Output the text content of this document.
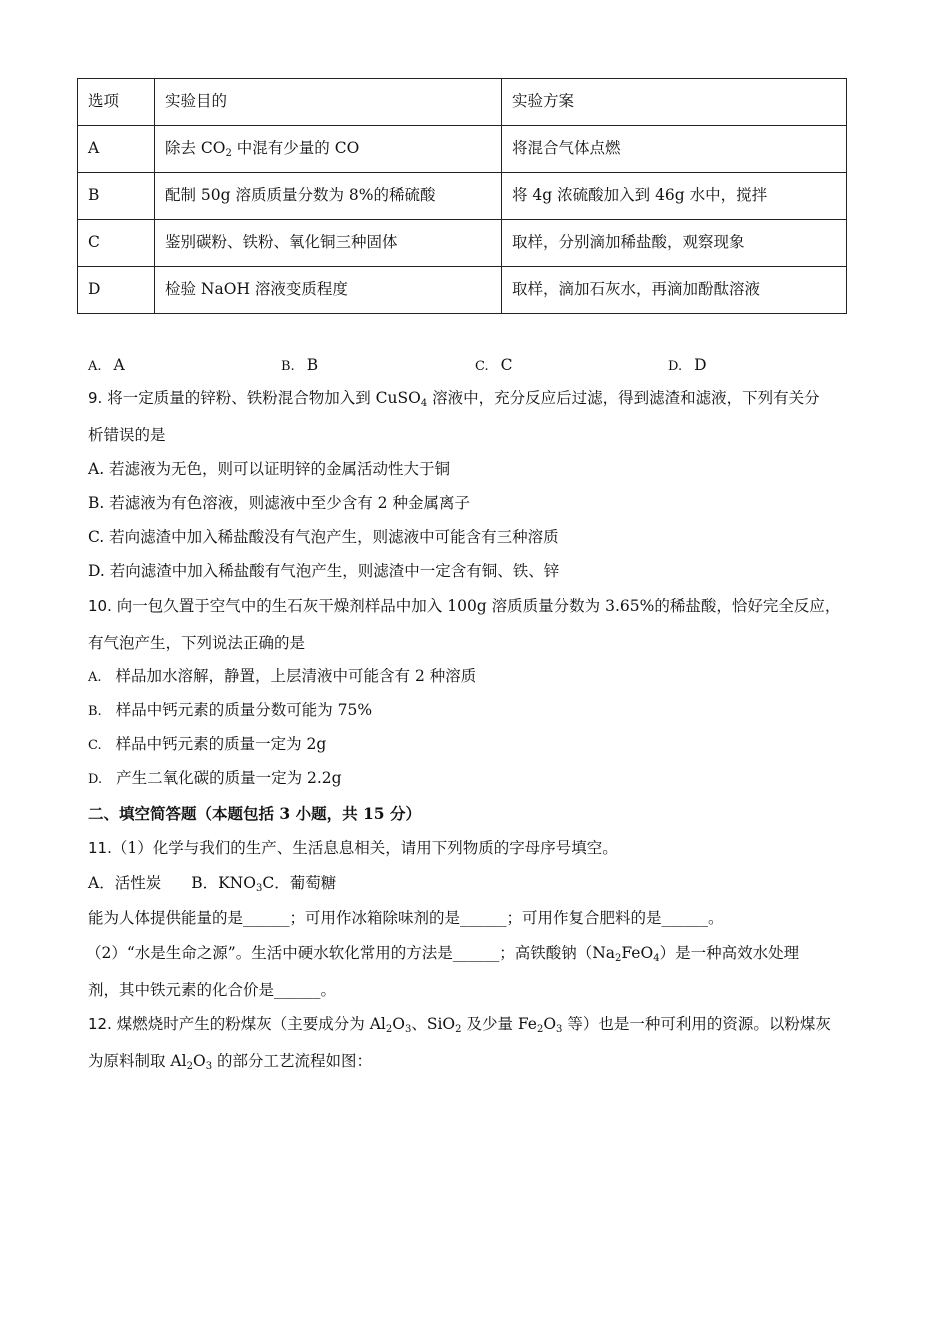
选项	实验目的	实验方案
A	除去 $CO_2$ 中混有少量的 CO	将混合气体点燃
B	配制 50g 溶质质量分数为 8%的稀硫酸	将 4g 浓硫酸加入到 46g 水中，搅拌
C	鉴别碳粉、铁粉、氧化铜三种固体	取样，分别滴加稀盐酸，观察现象
D	检验 NaOH 溶液变质程度	取样，滴加石灰水，再滴加酚酞溶液
A. A	B. B	C. C	D. D
9. 将一定质量的锌粉、铁粉混合物加入到 CuSO$_4$ 溶液中，充分反应后过滤，得到滤渣和滤液，下列有关分
析错误的是
A. 若滤液为无色，则可以证明锌的金属活动性大于铜
B. 若滤液为有色溶液，则滤液中至少含有 2 种金属离子
C. 若向滤渣中加入稀盐酸没有气泡产生，则滤液中可能含有三种溶质
D. 若向滤渣中加入稀盐酸有气泡产生，则滤渣中一定含有铜、铁、锌
10. 向一包久置于空气中的生石灰干燥剂样品中加入 100g 溶质质量分数为 3.65%的稀盐酸，恰好完全反应，
有气泡产生，下列说法正确的是
A. 样品加水溶解，静置，上层清液中可能含有 2 种溶质
B. 样品中钙元素的质量分数可能为 75%
C. 样品中钙元素的质量一定为 2g
D. 产生二氧化碳的质量一定为 2.2g
二、填空简答题（本题包括 3 小题，共 15 分）
11.（1）化学与我们的生产、生活息息相关，请用下列物质的字母序号填空。
A．活性炭 B．$KNO_3C$．葡萄糖
能为人体提供能量的是______；可用作冰箱除味剂的是______；可用作复合肥料的是______。
（2）“水是生命之源”。生活中硬水软化常用的方法是______；高铁酸钠$(Na_2FeO_4)$是一种高效水处理
剂，其中铁元素的化合价是______。
12. 煤燃烧时产生的粉煤灰（主要成分为 $Al_2O_3$、SiO$_2$ 及少量 $Fe_2O_3$ 等）也是一种可利用的资源。以粉煤灰
为原料制取 $Al_2O_3$ 的部分工艺流程如图：
